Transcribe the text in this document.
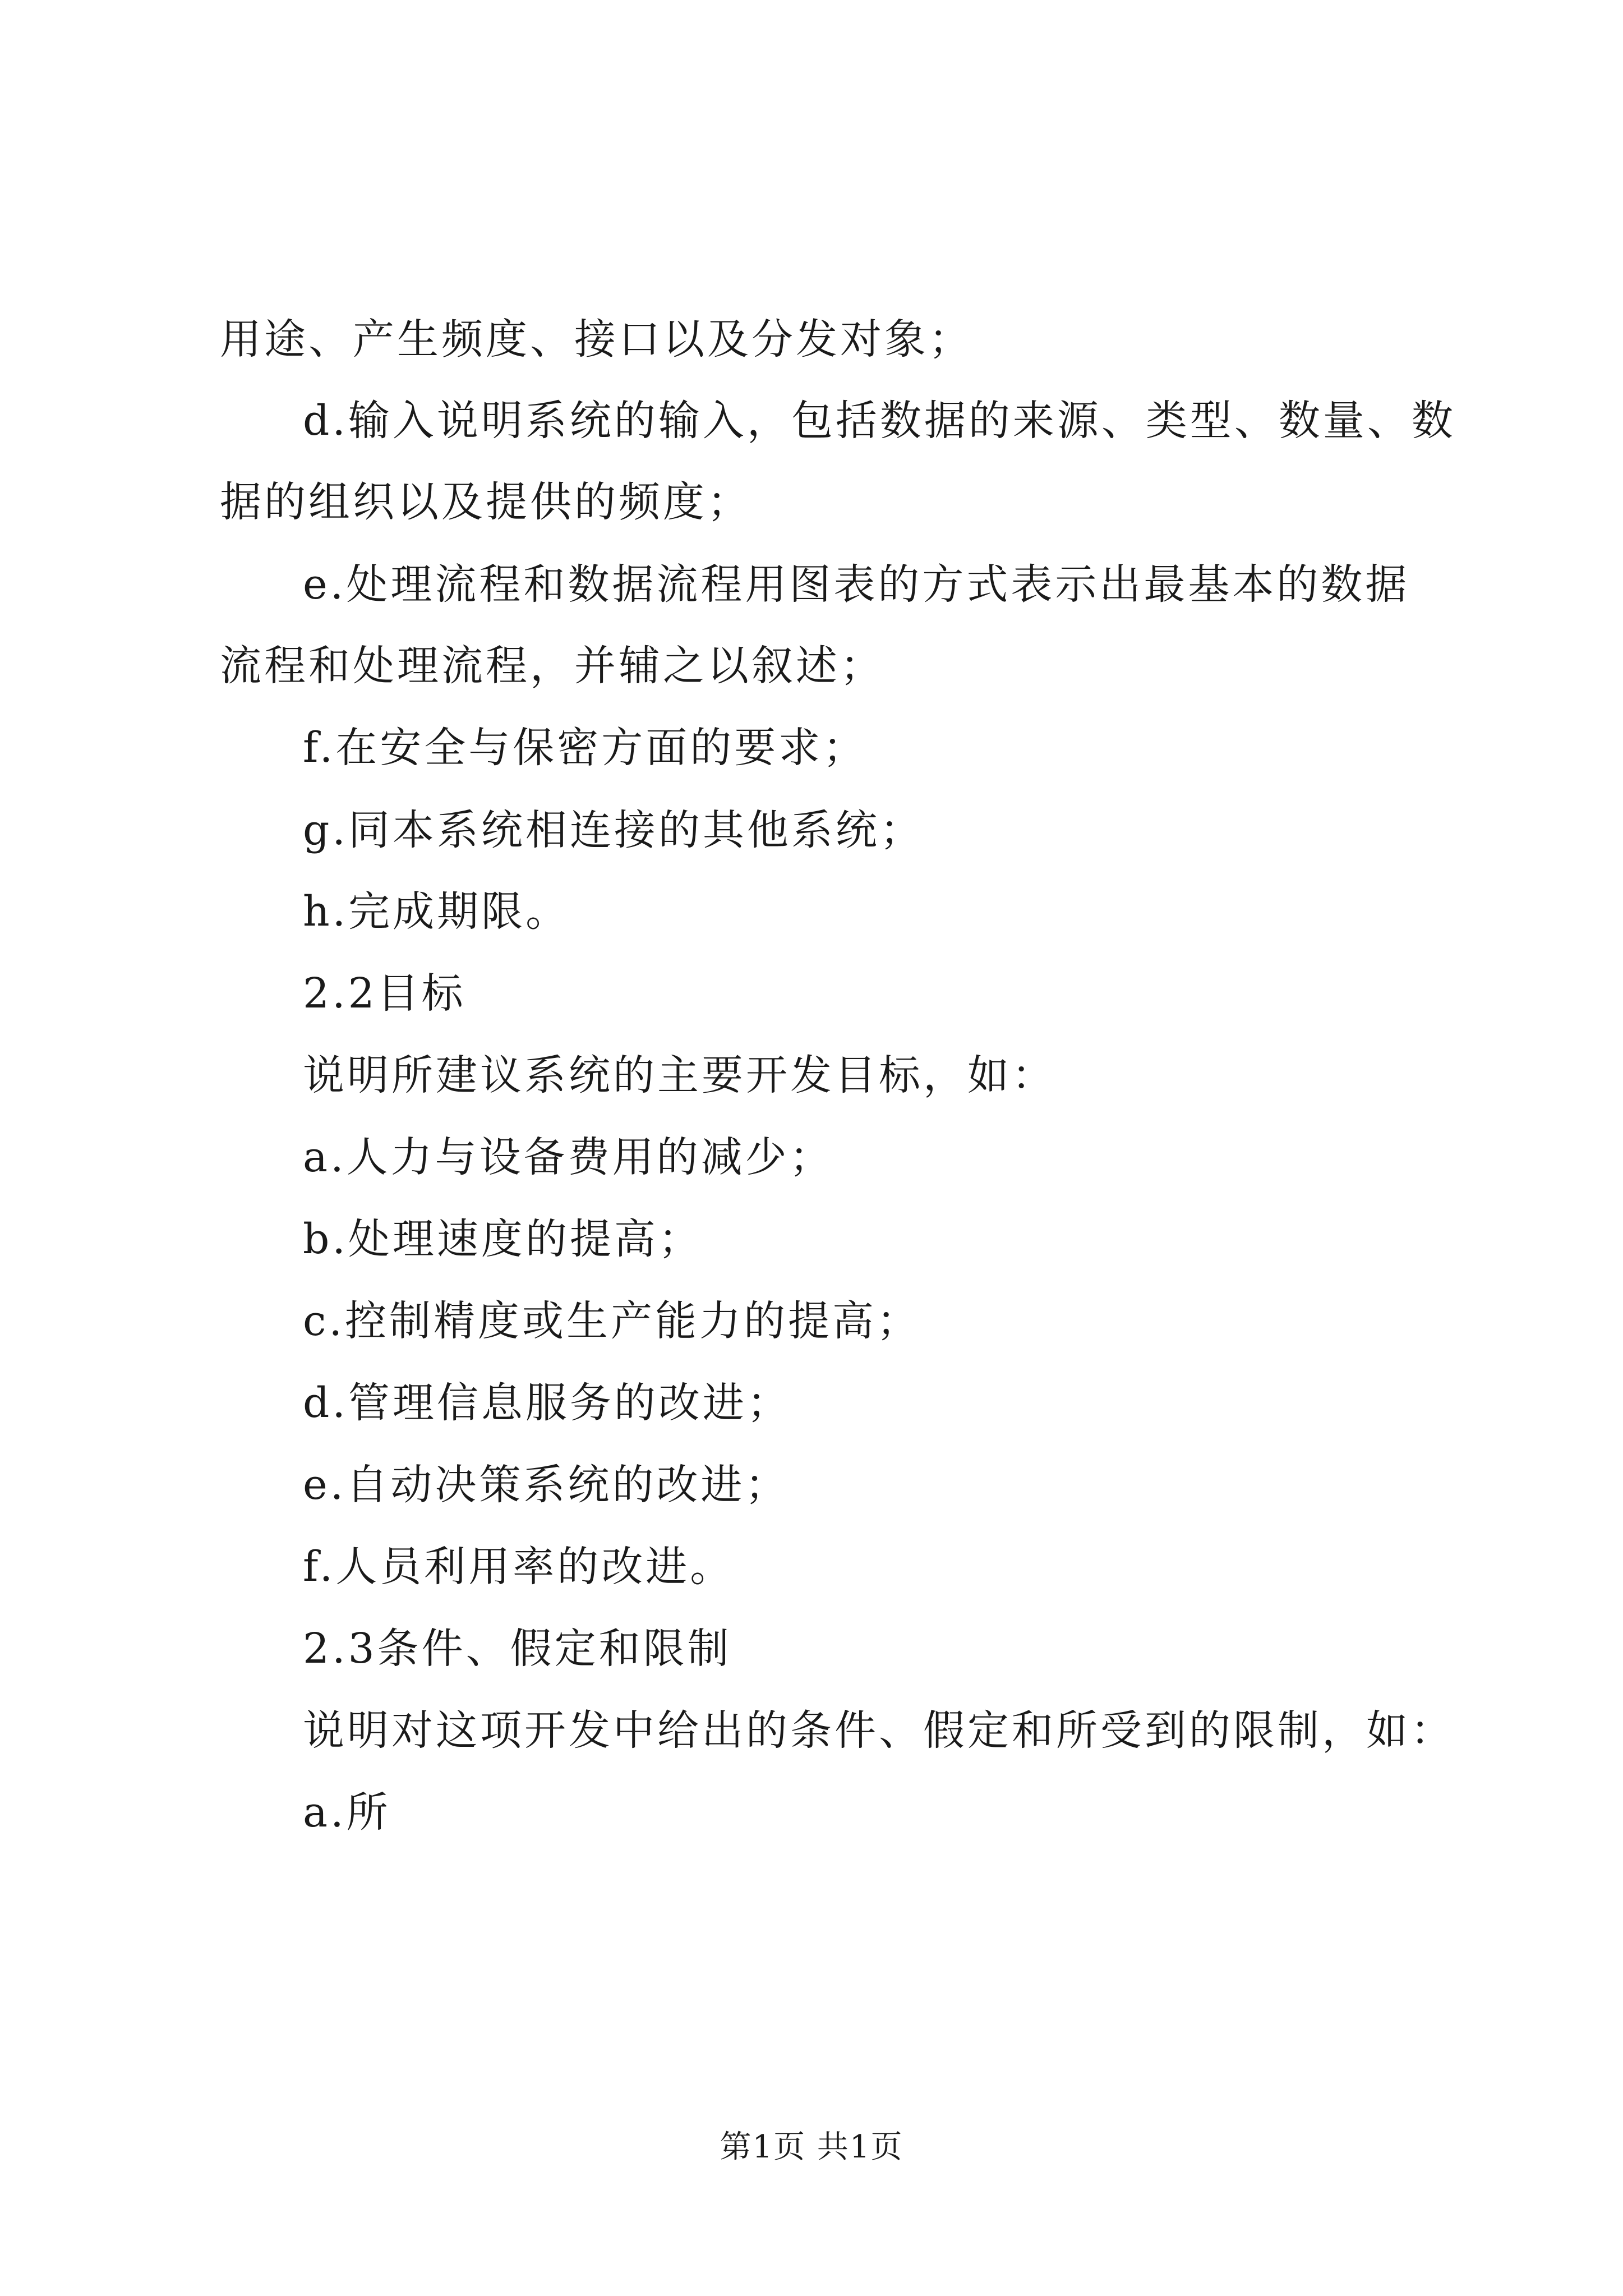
用途、产生频度、接口以及分发对象；
d.输入说明系统的输入，包括数据的来源、类型、数量、数
据的组织以及提供的频度；
e.处理流程和数据流程用图表的方式表示出最基本的数据
流程和处理流程，并辅之以叙述；
f.在安全与保密方面的要求；
g.同本系统相连接的其他系统；
h.完成期限。
2.2目标
说明所建议系统的主要开发目标，如：
a.人力与设备费用的减少；
b.处理速度的提高；
c.控制精度或生产能力的提高；
d.管理信息服务的改进；
e.自动决策系统的改进；
f.人员利用率的改进。
2.3条件、假定和限制
说明对这项开发中给出的条件、假定和所受到的限制，如：
a.所
第1页 共1页
